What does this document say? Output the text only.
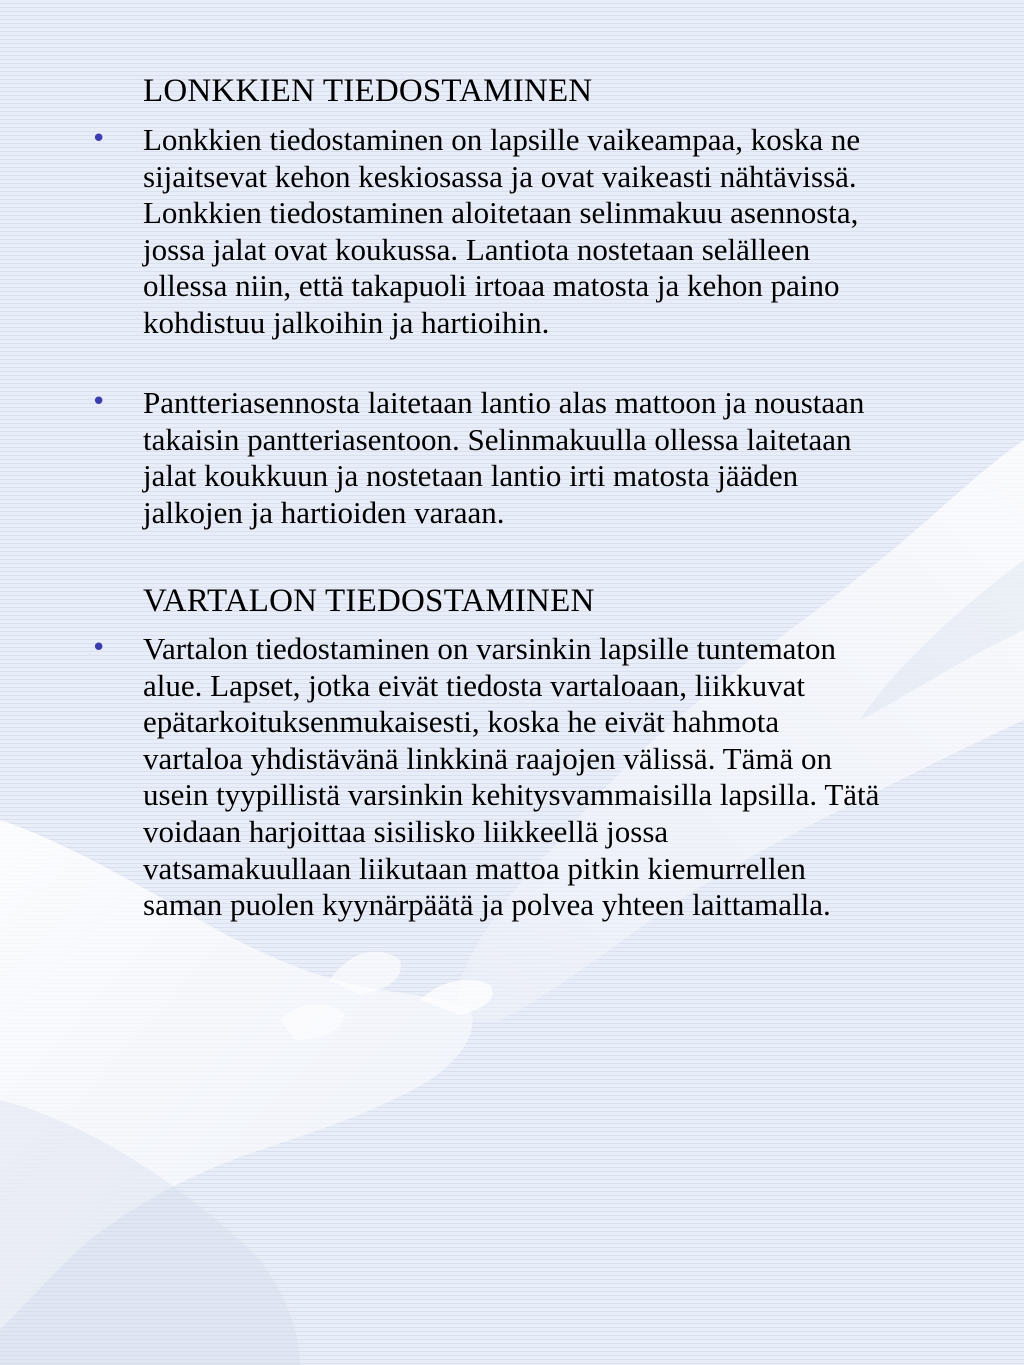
LONKKIEN TIEDOSTAMINEN
• Lonkkien tiedostaminen on lapsille vaikeampaa, koska ne sijaitsevat kehon keskiosassa ja ovat vaikeasti nähtävissä. Lonkkien tiedostaminen aloitetaan selinmakuu asennosta, jossa jalat ovat koukussa. Lantiota nostetaan selälleen ollessa niin, että takapuoli irtoaa matosta ja kehon paino kohdistuu jalkoihin ja hartioihin.
• Pantteriasennosta laitetaan lantio alas mattoon ja noustaan takaisin pantteriasentoon. Selinmakuulla ollessa laitetaan jalat koukkuun ja nostetaan lantio irti matosta jääden jalkojen ja hartioiden varaan.
VARTALON TIEDOSTAMINEN
• Vartalon tiedostaminen on varsinkin lapsille tuntematon alue. Lapset, jotka eivät tiedosta vartaloaan, liikkuvat epätarkoituksenmukaisesti, koska he eivät hahmota vartaloa yhdistävänä linkkinä raajojen välissä. Tämä on usein tyypillistä varsinkin kehitysvammaisilla lapsilla. Tätä voidaan harjoittaa sisilisko liikkeellä jossa vatsamakuullaan liikutaan mattoa pitkin kiemurrellen saman puolen kyynärpäätä ja polvea yhteen laittamalla.
